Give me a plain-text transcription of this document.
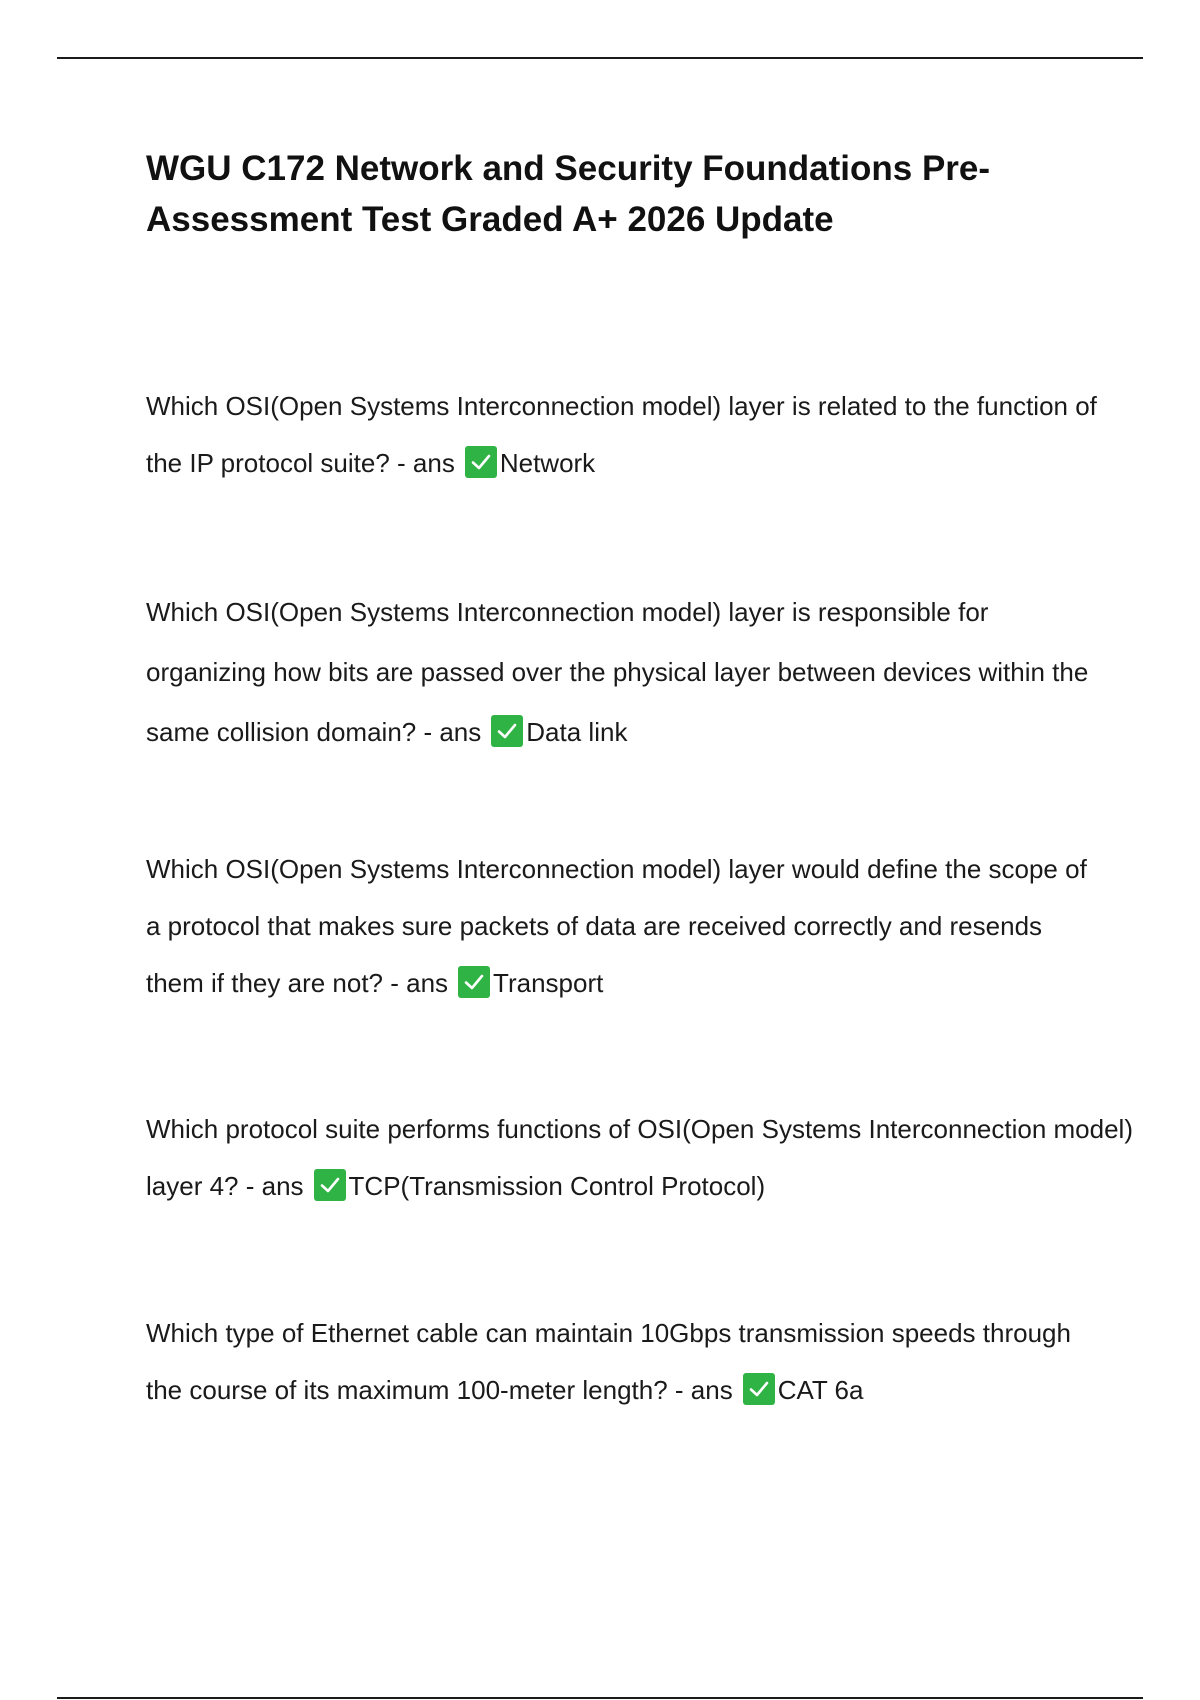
WGU C172 Network and Security Foundations Pre-Assessment Test Graded A+ 2026 Update

Which OSI(Open Systems Interconnection model) layer is related to the function of the IP protocol suite? - ans Network

Which OSI(Open Systems Interconnection model) layer is responsible for organizing how bits are passed over the physical layer between devices within the same collision domain? - ans Data link

Which OSI(Open Systems Interconnection model) layer would define the scope of a protocol that makes sure packets of data are received correctly and resends them if they are not? - ans Transport

Which protocol suite performs functions of OSI(Open Systems Interconnection model) layer 4? - ans TCP(Transmission Control Protocol)

Which type of Ethernet cable can maintain 10Gbps transmission speeds through the course of its maximum 100-meter length? - ans CAT 6a
